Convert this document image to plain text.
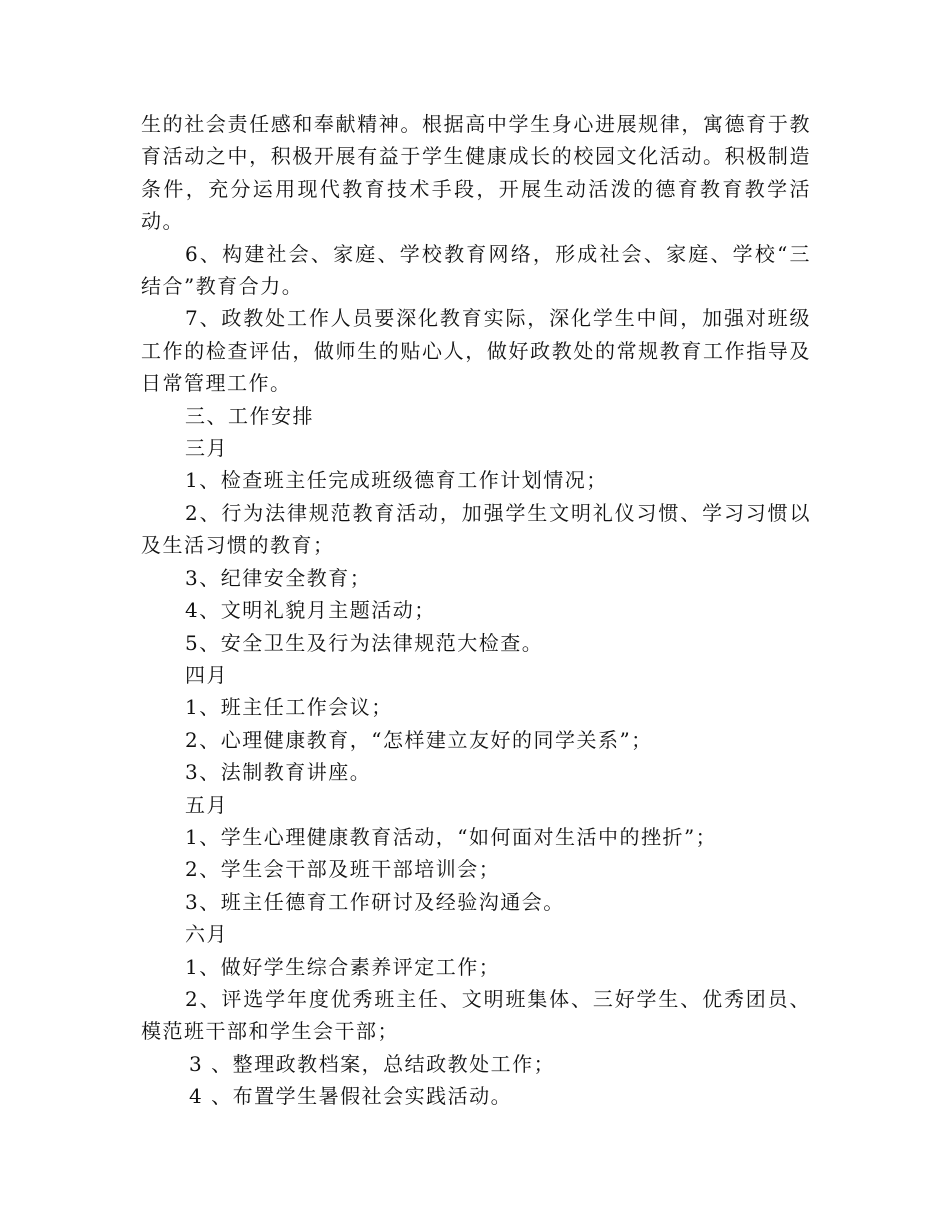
生的社会责任感和奉献精神。根据高中学生身心进展规律，寓德育于教育活动之中，积极开展有益于学生健康成长的校园文化活动。积极制造条件，充分运用现代教育技术手段，开展生动活泼的德育教育教学活动。

6、构建社会、家庭、学校教育网络，形成社会、家庭、学校“三结合”教育合力。

7、政教处工作人员要深化教育实际，深化学生中间，加强对班级工作的检查评估，做师生的贴心人，做好政教处的常规教育工作指导及日常管理工作。

三、工作安排

三月

1、检查班主任完成班级德育工作计划情况；

2、行为法律规范教育活动，加强学生文明礼仪习惯、学习习惯以及生活习惯的教育；

3、纪律安全教育；

4、文明礼貌月主题活动；

5、安全卫生及行为法律规范大检查。

四月

1、班主任工作会议；

2、心理健康教育，“怎样建立友好的同学关系”；

3、法制教育讲座。

五月

1、学生心理健康教育活动，“如何面对生活中的挫折”；

2、学生会干部及班干部培训会；

3、班主任德育工作研讨及经验沟通会。

六月

1、做好学生综合素养评定工作；

2、评选学年度优秀班主任、文明班集体、三好学生、优秀团员、模范班干部和学生会干部；

3 、整理政教档案，总结政教处工作；

4 、布置学生暑假社会实践活动。
